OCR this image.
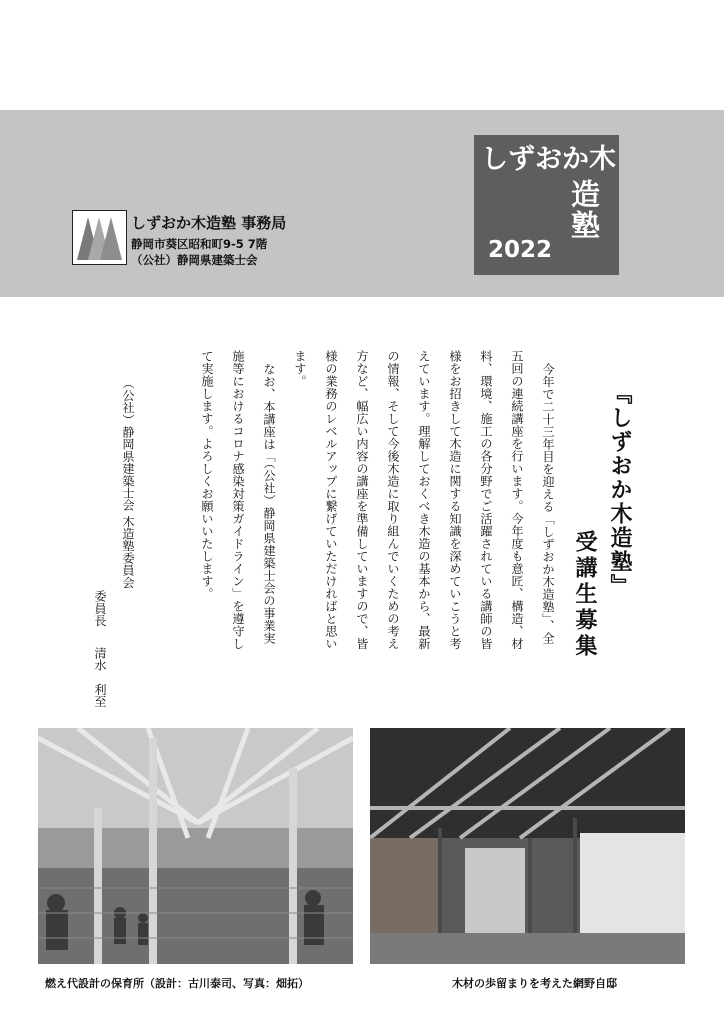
しずおか木造塾 事務局
静岡市葵区昭和町9-5 7階
（公社）静岡県建築士会
しずおか木
造塾
2022
『しずおか木造塾』
受講生募集
今年で二十三年目を迎える「しずおか木造塾」、全
五回の連続講座を行います。今年度も意匠、構造、材
料、環境、施工の各分野でご活躍されている講師の皆
様をお招きして木造に関する知識を深めていこうと考
えています。理解しておくべき木造の基本から、最新
の情報、そして今後木造に取り組んでいくための考え
方など、幅広い内容の講座を準備していますので、皆
様の業務のレベルアップに繋げていただければと思い
ます。
なお、本講座は「（公社）静岡県建築士会の事業実
施等におけるコロナ感染対策ガイドライン」を遵守し
て実施します。よろしくお願いいたします。
（公社）静岡県建築士会 木造塾委員会
委員長清水　利至
燃え代設計の保育所（設計：古川泰司、写真：畑拓）	木材の歩留まりを考えた網野自邸
